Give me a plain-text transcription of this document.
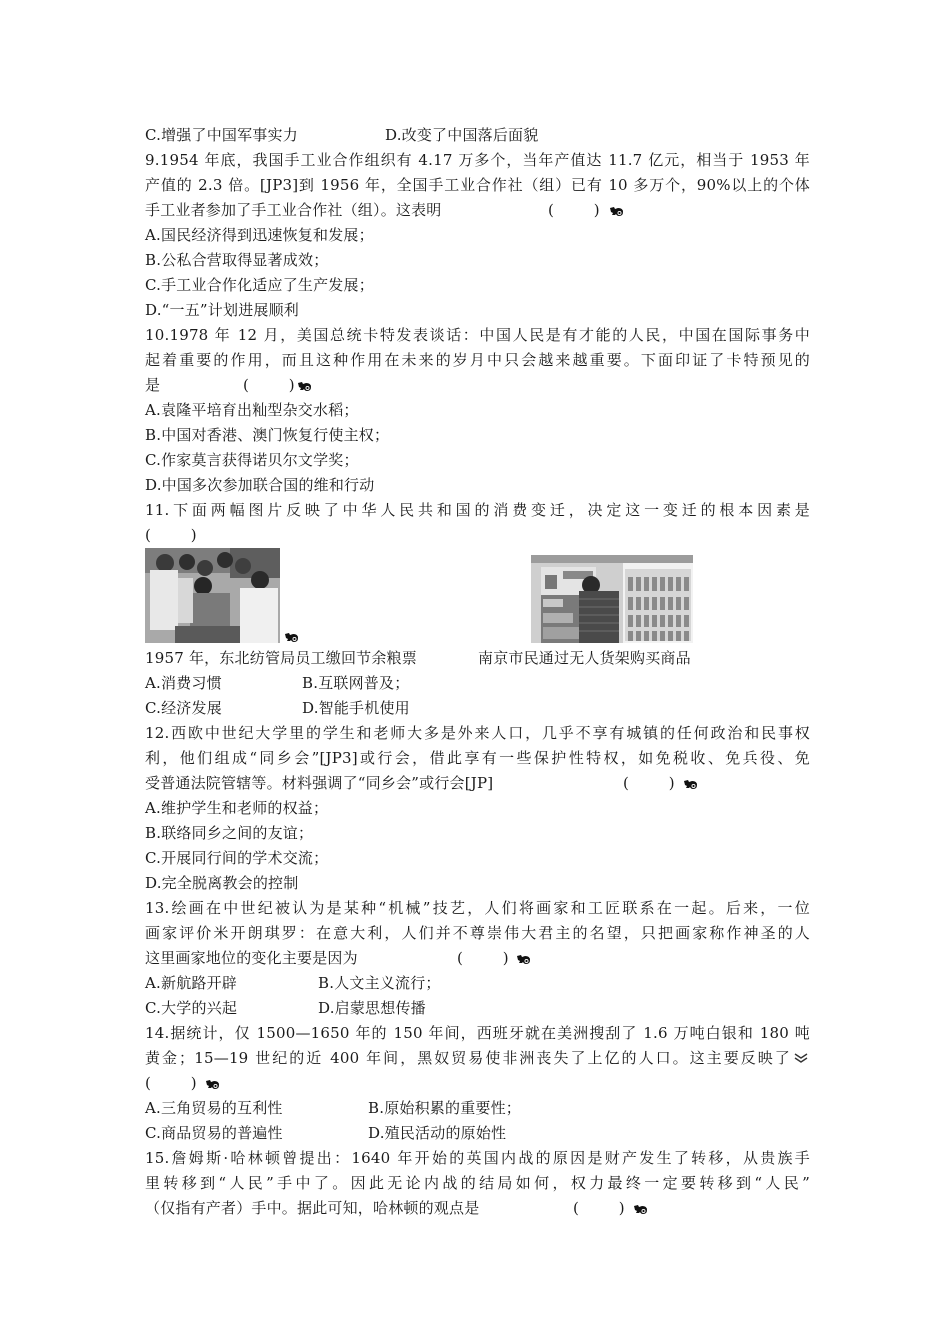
C.增强了中国军事实力	D.改变了中国落后面貌
9.1954 年底，我国手工业合作组织有 4.17 万多个，当年产值达 11.7 亿元，相当于 1953 年
产值的 2.3 倍。[JP3]到 1956 年，全国手工业合作社（组）已有 10 多万个，90%以上的个体
手工业者参加了手工业合作社（组）。这表明	(        )
A.国民经济得到迅速恢复和发展；
B.公私合营取得显著成效；
C.手工业合作化适应了生产发展；
D.“一五”计划进展顺利
10.1978 年 12 月，美国总统卡特发表谈话：中国人民是有才能的人民，中国在国际事务中
起着重要的作用，而且这种作用在未来的岁月中只会越来越重要。下面印证了卡特预见的
是	(        )
A.袁隆平培育出籼型杂交水稻；
B.中国对香港、澳门恢复行使主权；
C.作家莫言获得诺贝尔文学奖；
D.中国多次参加联合国的维和行动
11.下面两幅图片反映了中华人民共和国的消费变迁，决定这一变迁的根本因素是
(        )
1957 年，东北纺管局员工缴回节余粮票	南京市民通过无人货架购买商品
A.消费习惯	B.互联网普及；
C.经济发展	D.智能手机使用
12.西欧中世纪大学里的学生和老师大多是外来人口，几乎不享有城镇的任何政治和民事权
利，他们组成“同乡会”[JP3]或行会，借此享有一些保护性特权，如免税收、免兵役、免
受普通法院管辖等。材料强调了“同乡会”或行会[JP]	(        )
A.维护学生和老师的权益；
B.联络同乡之间的友谊；
C.开展同行间的学术交流；
D.完全脱离教会的控制
13.绘画在中世纪被认为是某种“机械”技艺，人们将画家和工匠联系在一起。后来，一位
画家评价米开朗琪罗：在意大利，人们并不尊崇伟大君主的名望，只把画家称作神圣的人
这里画家地位的变化主要是因为	(        )
A.新航路开辟	B.人文主义流行；
C.大学的兴起	D.启蒙思想传播
14.据统计，仅 1500—1650 年的 150 年间，西班牙就在美洲搜刮了 1.6 万吨白银和 180 吨
黄金；15—19 世纪的近 400 年间，黑奴贸易使非洲丧失了上亿的人口。这主要反映了
(        )
A.三角贸易的互利性	B.原始积累的重要性；
C.商品贸易的普遍性	D.殖民活动的原始性
15.詹姆斯·哈林顿曾提出：1640 年开始的英国内战的原因是财产发生了转移，从贵族手
里转移到“人民”手中了。因此无论内战的结局如何，权力最终一定要转移到“人民”
（仅指有产者）手中。据此可知，哈林顿的观点是	(        )
